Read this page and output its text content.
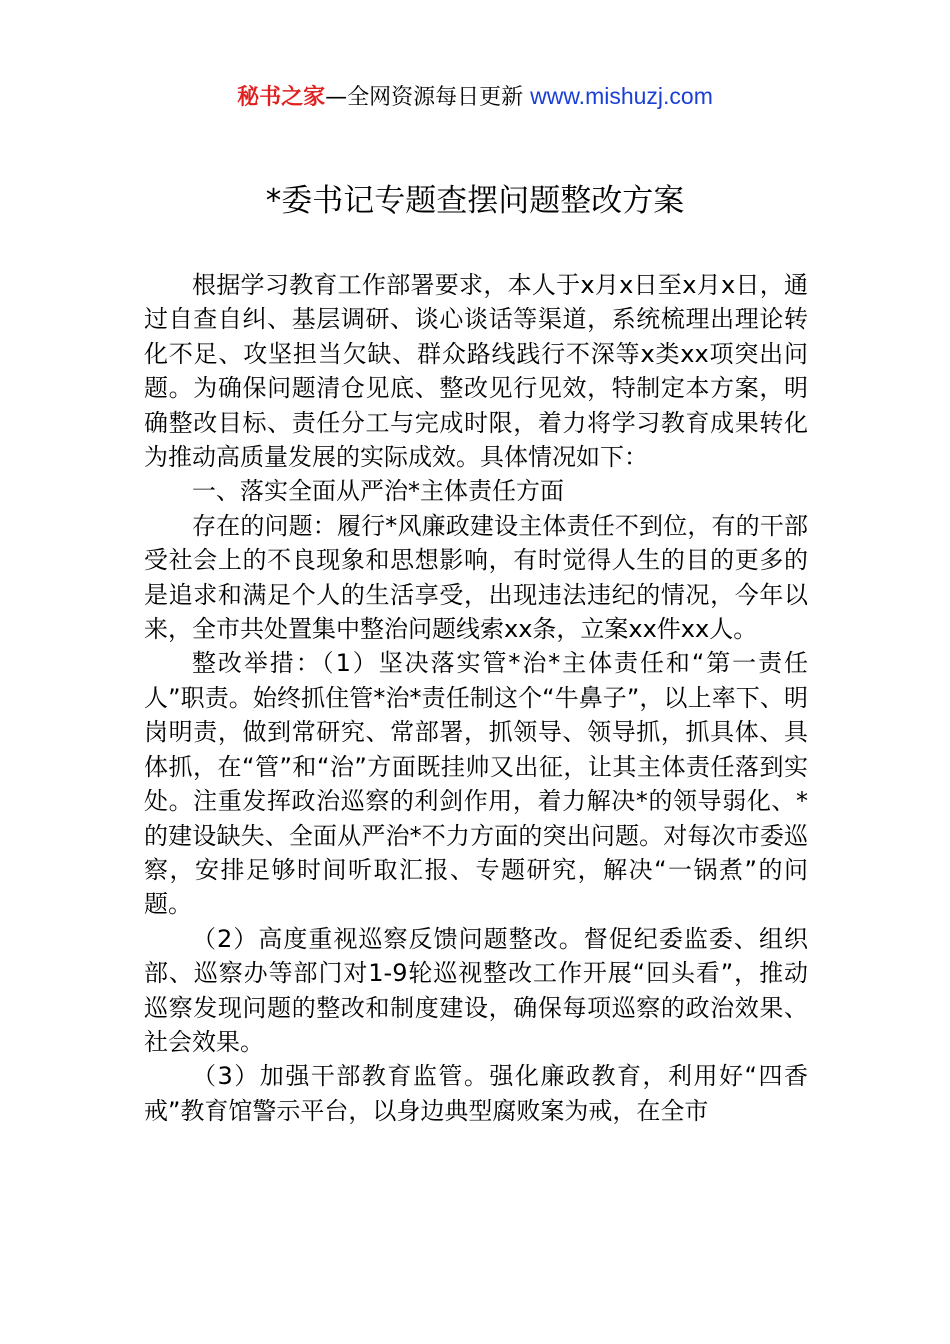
秘书之家—全网资源每日更新 www.mishuzj.com
*委书记专题查摆问题整改方案

根据学习教育工作部署要求，本人于x月x日至x月x日，通过自查自纠、基层调研、谈心谈话等渠道，系统梳理出理论转化不足、攻坚担当欠缺、群众路线践行不深等x类xx项突出问题。为确保问题清仓见底、整改见行见效，特制定本方案，明确整改目标、责任分工与完成时限，着力将学习教育成果转化为推动高质量发展的实际成效。具体情况如下：

一、落实全面从严治*主体责任方面

存在的问题：履行*风廉政建设主体责任不到位，有的干部受社会上的不良现象和思想影响，有时觉得人生的目的更多的是追求和满足个人的生活享受，出现违法违纪的情况，今年以来，全市共处置集中整治问题线索xx条，立案xx件xx人。

整改举措：（1）坚决落实管*治*主体责任和“第一责任人”职责。始终抓住管*治*责任制这个“牛鼻子”，以上率下、明岗明责，做到常研究、常部署，抓领导、领导抓，抓具体、具体抓，在“管”和“治”方面既挂帅又出征，让其主体责任落到实处。注重发挥政治巡察的利剑作用，着力解决*的领导弱化、*的建设缺失、全面从严治*不力方面的突出问题。对每次市委巡察，安排足够时间听取汇报、专题研究，解决“一锅煮”的问题。

（2）高度重视巡察反馈问题整改。督促纪委监委、组织部、巡察办等部门对1-9轮巡视整改工作开展“回头看”，推动巡察发现问题的整改和制度建设，确保每项巡察的政治效果、社会效果。

（3）加强干部教育监管。强化廉政教育，利用好“四香戒”教育馆警示平台，以身边典型腐败案为戒，在全市
